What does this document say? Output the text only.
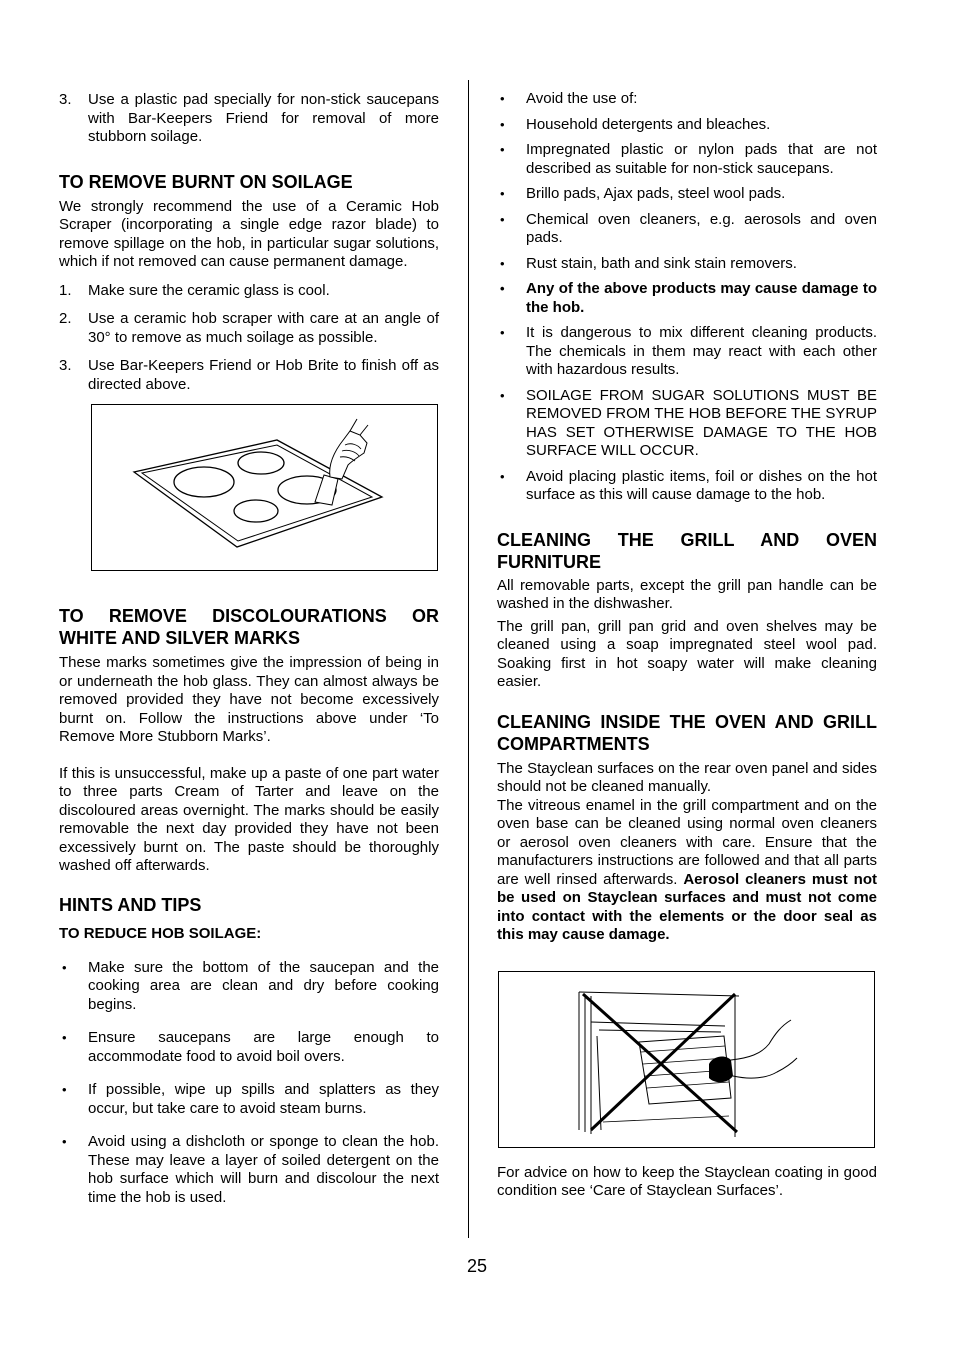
3. Use a plastic pad specially for non-stick saucepans with Bar-Keepers Friend for removal of more stubborn soilage.
TO REMOVE BURNT ON SOILAGE

We strongly recommend the use of a Ceramic Hob Scraper (incorporating a single edge razor blade) to remove spillage on the hob, in particular sugar solutions, which if not removed can cause permanent damage.

1. Make sure the ceramic glass is cool.
2. Use a ceramic hob scraper with care at an angle of 30° to remove as much soilage as possible.
3. Use Bar-Keepers Friend or Hob Brite to finish off as directed above.
TO REMOVE DISCOLOURATIONS OR WHITE AND SILVER MARKS

These marks sometimes give the impression of being in or underneath the hob glass. They can almost always be removed provided they have not become excessively burnt on. Follow the instructions above under ‘To Remove More Stubborn Marks’.

If this is unsuccessful, make up a paste of one part water to three parts Cream of Tarter and leave on the discoloured areas overnight. The marks should be easily removable the next day provided they have not been excessively burnt on. The paste should be thoroughly washed off afterwards.

HINTS AND TIPS
TO REDUCE HOB SOILAGE:
• Make sure the bottom of the saucepan and the cooking area are clean and dry before cooking begins.
• Ensure saucepans are large enough to accommodate food to avoid boil overs.
• If possible, wipe up spills and splatters as they occur, but take care to avoid steam burns.
• Avoid using a dishcloth or sponge to clean the hob. These may leave a layer of soiled detergent on the hob surface which will burn and discolour the next time the hob is used.
• Avoid the use of:
• Household detergents and bleaches.
• Impregnated plastic or nylon pads that are not described as suitable for non-stick saucepans.
• Brillo pads, Ajax pads, steel wool pads.
• Chemical oven cleaners, e.g. aerosols and oven pads.
• Rust stain, bath and sink stain removers.
• Any of the above products may cause damage to the hob.
• It is dangerous to mix different cleaning products. The chemicals in them may react with each other with hazardous results.
• SOILAGE FROM SUGAR SOLUTIONS MUST BE REMOVED FROM THE HOB BEFORE THE SYRUP HAS SET OTHERWISE DAMAGE TO THE HOB SURFACE WILL OCCUR.
• Avoid placing plastic items, foil or dishes on the hot surface as this will cause damage to the hob.
CLEANING THE GRILL AND OVEN FURNITURE

All removable parts, except the grill pan handle can be washed in the dishwasher.

The grill pan, grill pan grid and oven shelves may be cleaned using a soap impregnated steel wool pad. Soaking first in hot soapy water will make cleaning easier.

CLEANING INSIDE THE OVEN AND GRILL COMPARTMENTS

The Stayclean surfaces on the rear oven panel and sides should not be cleaned manually.

The vitreous enamel in the grill compartment and on the oven base can be cleaned using normal oven cleaners or aerosol oven cleaners with care. Ensure that the manufacturers instructions are followed and that all parts are well rinsed afterwards. Aerosol cleaners must not be used on Stayclean surfaces and must not come into contact with the elements or the door seal as this may cause damage.

For advice on how to keep the Stayclean coating in good condition see ‘Care of Stayclean Surfaces’.

25
